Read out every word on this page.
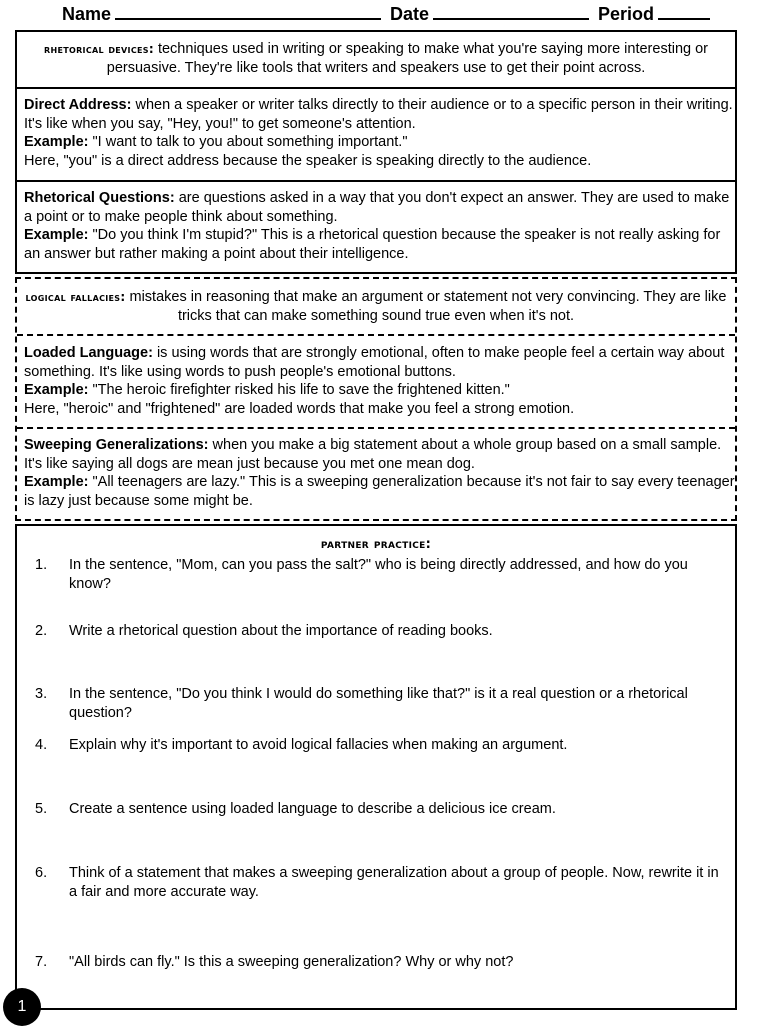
Name	Date	Period
rhetorical devices: techniques used in writing or speaking to make what you're saying more interesting or persuasive. They're like tools that writers and speakers use to get their point across.
Direct Address: when a speaker or writer talks directly to their audience or to a specific person in their writing. It's like when you say, "Hey, you!" to get someone's attention.
Example: "I want to talk to you about something important."
Here, "you" is a direct address because the speaker is speaking directly to the audience.
Rhetorical Questions: are questions asked in a way that you don't expect an answer. They are used to make a point or to make people think about something.
Example: "Do you think I'm stupid?" This is a rhetorical question because the speaker is not really asking for an answer but rather making a point about their intelligence.
logical fallacies: mistakes in reasoning that make an argument or statement not very convincing. They are like tricks that can make something sound true even when it's not.
Loaded Language: is using words that are strongly emotional, often to make people feel a certain way about something. It's like using words to push people's emotional buttons.
Example: "The heroic firefighter risked his life to save the frightened kitten."
Here, "heroic" and "frightened" are loaded words that make you feel a strong emotion.
Sweeping Generalizations: when you make a big statement about a whole group based on a small sample. It's like saying all dogs are mean just because you met one mean dog.
Example: "All teenagers are lazy." This is a sweeping generalization because it's not fair to say every teenager is lazy just because some might be.
partner practice:
1. In the sentence, "Mom, can you pass the salt?" who is being directly addressed, and how do you know?
2. Write a rhetorical question about the importance of reading books.
3. In the sentence, "Do you think I would do something like that?" is it a real question or a rhetorical question?
4. Explain why it's important to avoid logical fallacies when making an argument.
5. Create a sentence using loaded language to describe a delicious ice cream.
6. Think of a statement that makes a sweeping generalization about a group of people. Now, rewrite it in a fair and more accurate way.
7. "All birds can fly." Is this a sweeping generalization? Why or why not?
1
